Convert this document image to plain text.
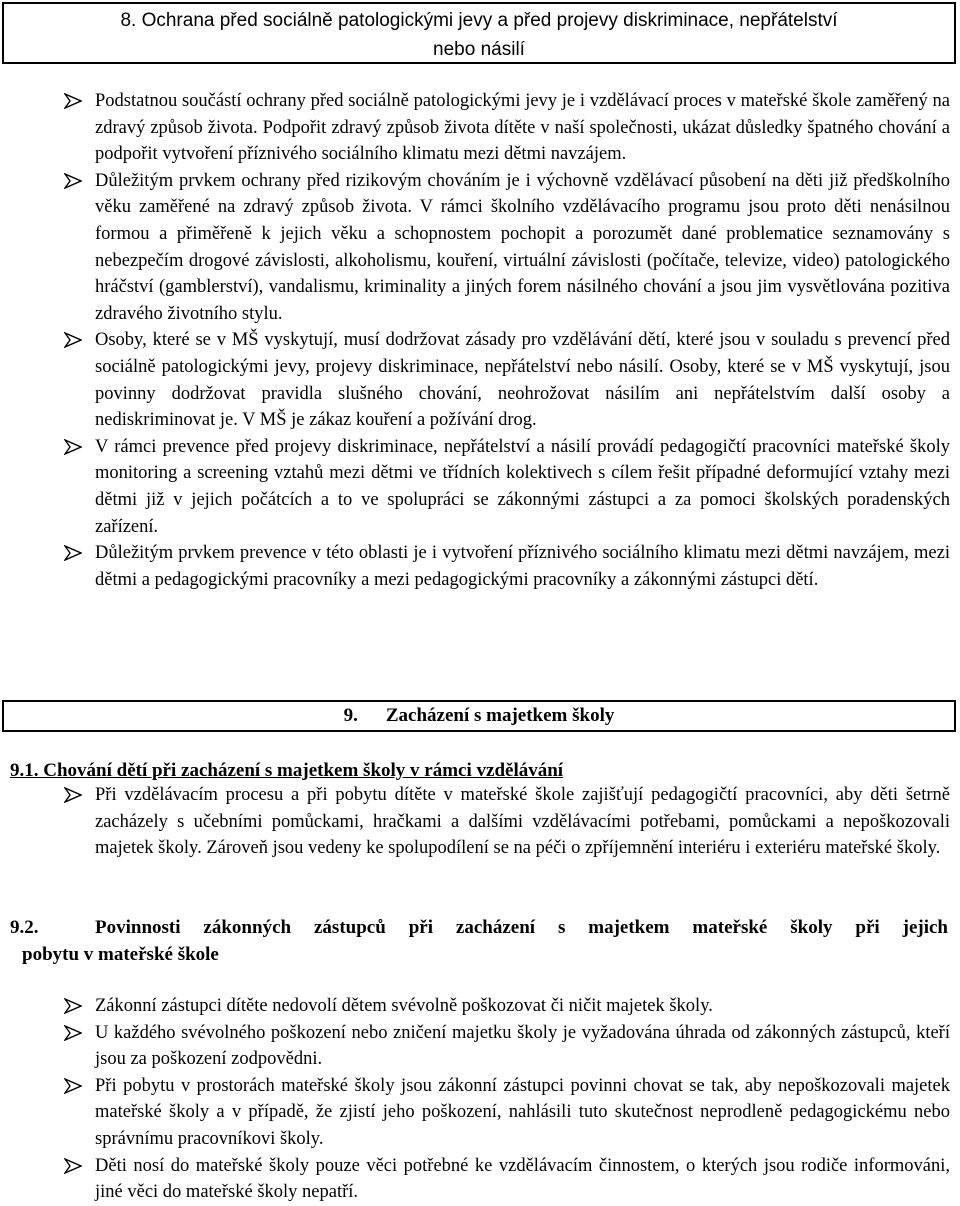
8. Ochrana před sociálně patologickými jevy a před projevy diskriminace, nepřátelství
nebo násilí
Podstatnou součástí ochrany před sociálně patologickými jevy je i vzdělávací proces v mateřské škole zaměřený na zdravý způsob života. Podpořit zdravý způsob života dítěte v naší společnosti, ukázat důsledky špatného chování a podpořit vytvoření příznivého sociálního klimatu mezi dětmi navzájem.
Důležitým prvkem ochrany před rizikovým chováním je i výchovně vzdělávací působení na děti již předškolního věku zaměřené na zdravý způsob života. V rámci školního vzdělávacího programu jsou proto děti nenásilnou formou a přiměřeně k jejich věku a schopnostem pochopit a porozumět dané problematice seznamovány s nebezpečím drogové závislosti, alkoholismu, kouření, virtuální závislosti (počítače, televize, video) patologického hráčství (gamblerství), vandalismu, kriminality a jiných forem násilného chování a jsou jim vysvětlována pozitiva zdravého životního stylu.
Osoby, které se v MŠ vyskytují, musí dodržovat zásady pro vzdělávání dětí, které jsou v souladu s prevencí před sociálně patologickými jevy, projevy diskriminace, nepřátelství nebo násilí. Osoby, které se v MŠ vyskytují, jsou povinny dodržovat pravidla slušného chování, neohrožovat násilím ani nepřátelstvím další osoby a nediskriminovat je. V MŠ je zákaz kouření a požívání drog.
V rámci prevence před projevy diskriminace, nepřátelství a násilí provádí pedagogičtí pracovníci mateřské školy monitoring a screening vztahů mezi dětmi ve třídních kolektivech s cílem řešit případné deformující vztahy mezi dětmi již v jejich počátcích a to ve spolupráci se zákonnými zástupci a za pomoci školských poradenských zařízení.
Důležitým prvkem prevence v této oblasti je i vytvoření příznivého sociálního klimatu mezi dětmi navzájem, mezi dětmi a pedagogickými pracovníky a mezi pedagogickými pracovníky a zákonnými zástupci dětí.
9. Zacházení s majetkem školy
9.1. Chování dětí při zacházení s majetkem školy v rámci vzdělávání
Při vzdělávacím procesu a při pobytu dítěte v mateřské škole zajišťují pedagogičtí pracovníci, aby děti šetrně zacházely s učebními pomůckami, hračkami a dalšími vzdělávacími potřebami, pomůckami a nepoškozovali majetek školy. Zároveň jsou vedeny ke spolupodílení se na péči o zpříjemnění interiéru i exteriéru mateřské školy.
9.2.	Povinnosti zákonných zástupců při zacházení s majetkem mateřské školy při jejich
pobytu v mateřské škole
Zákonní zástupci dítěte nedovolí dětem svévolně poškozovat či ničit majetek školy.
U každého svévolného poškození nebo zničení majetku školy je vyžadována úhrada od zákonných zástupců, kteří jsou za poškození zodpovědni.
Při pobytu v prostorách mateřské školy jsou zákonní zástupci povinni chovat se tak, aby nepoškozovali majetek mateřské školy a v případě, že zjistí jeho poškození, nahlásili tuto skutečnost neprodleně pedagogickému nebo správnímu pracovníkovi školy.
Děti nosí do mateřské školy pouze věci potřebné ke vzdělávacím činnostem, o kterých jsou rodiče informováni, jiné věci do mateřské školy nepatří.
